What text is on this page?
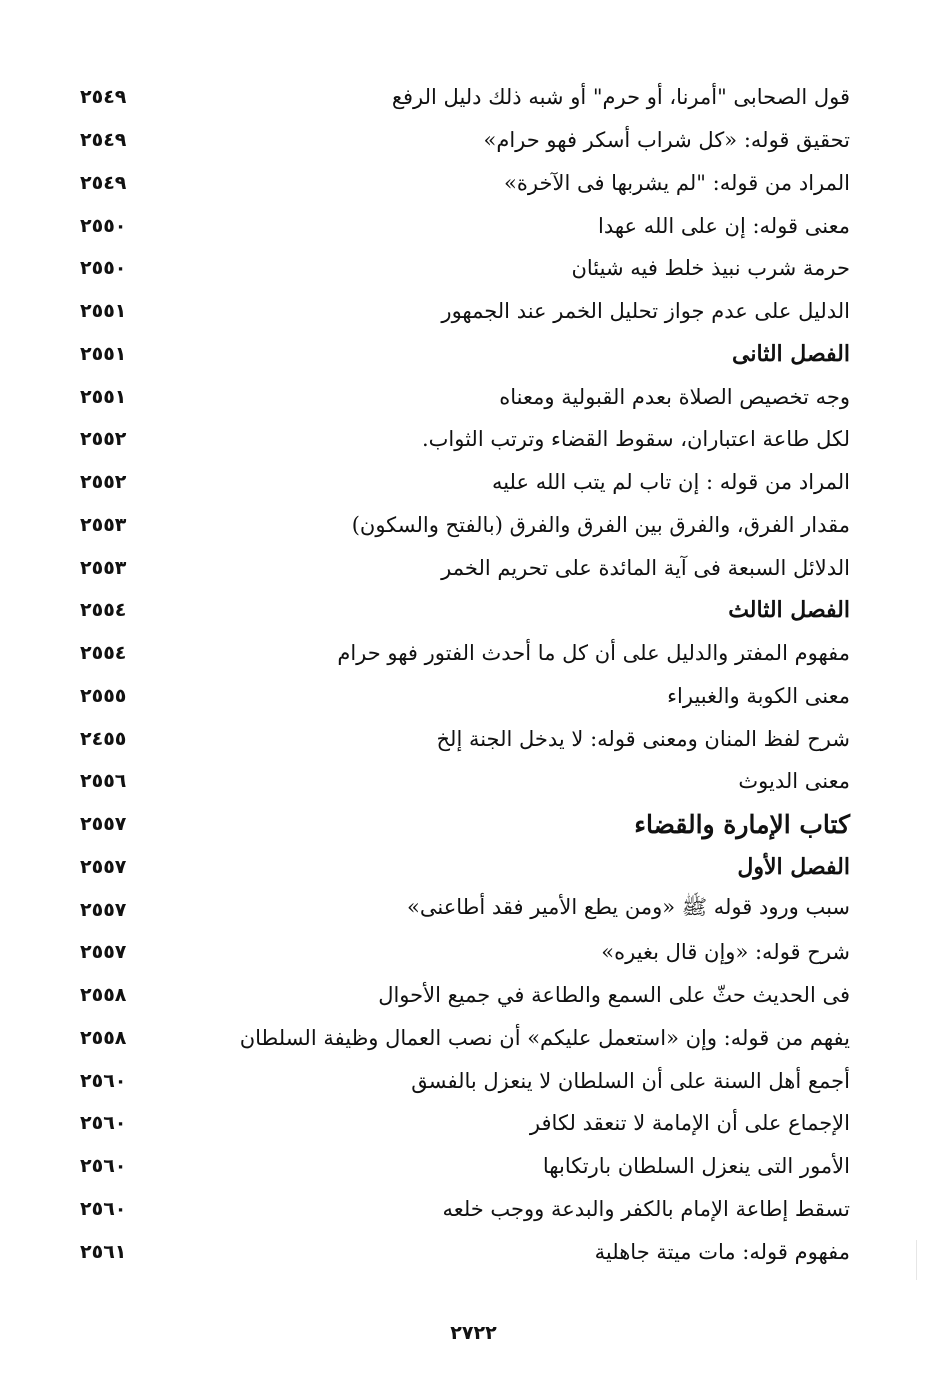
قول الصحابى "أمرنا، أو حرم" أو شبه ذلك دليل الرفع
٢٥٤٩
تحقيق قوله: «كل شراب أسكر فهو حرام»
٢٥٤٩
المراد من قوله: "لم يشربها فى الآخرة»
٢٥٤٩
معنى قوله: إن على الله عهدا
٢٥٥٠
حرمة شرب نبيذ خلط فيه شيئان
٢٥٥٠
الدليل على عدم جواز تحليل الخمر عند الجمهور
٢٥٥١
الفصل الثانى
٢٥٥١
وجه تخصيص الصلاة بعدم القبولية ومعناه
٢٥٥١
لكل طاعة اعتباران، سقوط القضاء وترتب الثواب.
٢٥٥٢
المراد من قوله : إن تاب لم يتب الله عليه
٢٥٥٢
مقدار الفرق، والفرق بين الفرق والفرق (بالفتح والسكون)
٢٥٥٣
الدلائل السبعة فى آية المائدة على تحريم الخمر
٢٥٥٣
الفصل الثالث
٢٥٥٤
مفهوم المفتر والدليل على أن كل ما أحدث الفتور فهو حرام
٢٥٥٤
معنى الكوبة والغبيراء
٢٥٥٥
شرح لفظ المنان ومعنى قوله: لا يدخل الجنة إلخ
٢٤٥٥
معنى الديوث
٢٥٥٦
كتاب الإمارة والقضاء
٢٥٥٧
الفصل الأول
٢٥٥٧
سبب ورود قوله ﷺ «ومن يطع الأمير فقد أطاعنى»
٢٥٥٧
شرح قوله: «وإن قال بغيره»
٢٥٥٧
فى الحديث حثّ على السمع والطاعة في جميع الأحوال
٢٥٥٨
يفهم من قوله: وإن «استعمل عليكم» أن نصب العمال وظيفة السلطان
٢٥٥٨
أجمع أهل السنة على أن السلطان لا ينعزل بالفسق
٢٥٦٠
الإجماع على أن الإمامة لا تنعقد لكافر
٢٥٦٠
الأمور التى ينعزل السلطان بارتكابها
٢٥٦٠
تسقط إطاعة الإمام بالكفر والبدعة ووجب خلعه
٢٥٦٠
مفهوم قوله: مات ميتة جاهلية
٢٥٦١
٢٧٢٢
